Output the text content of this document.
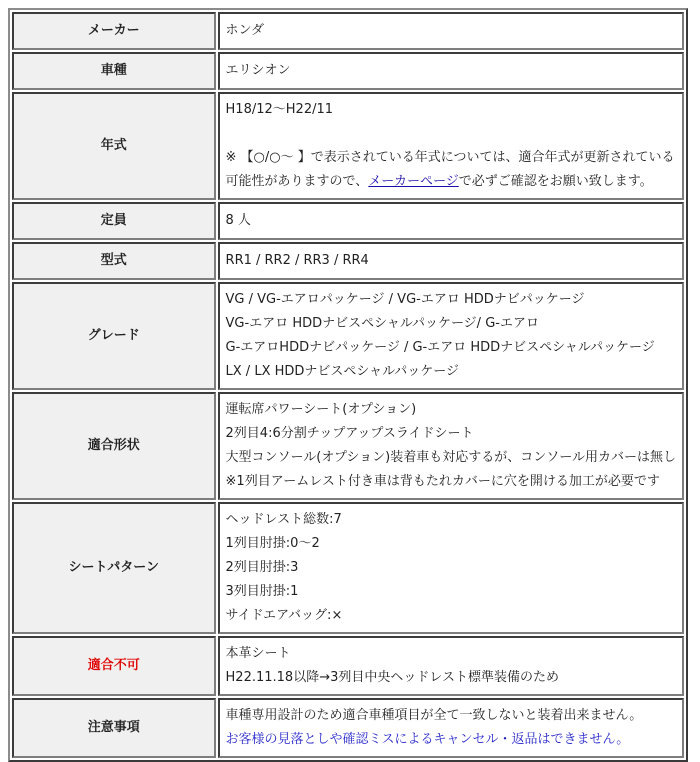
メーカー	ホンダ
車種	エリシオン
年式	H18/12～H22/11
※ 【○/○～ 】で表示されている年式については、適合年式が更新されている
可能性がありますので、メーカーページで必ずご確認をお願い致します。

定員	8 人
型式	RR1 / RR2 / RR3 / RR4
グレード	VG / VG-エアロパッケージ / VG-エアロ HDDナビパッケージ
VG-エアロ HDDナビスペシャルパッケージ/ G-エアロ
G-エアロHDDナビパッケージ / G-エアロ HDDナビスペシャルパッケージ
LX / LX HDDナビスペシャルパッケージ

適合形状	運転席パワーシート(オプション)
2列目4:6分割チップアップスライドシート
大型コンソール(オプション)装着車も対応するが、コンソール用カバーは無し
※1列目アームレスト付き車は背もたれカバーに穴を開ける加工が必要です

シートパターン	ヘッドレスト総数:7
1列目肘掛:0～2
2列目肘掛:3
3列目肘掛:1
サイドエアバッグ:×

適合不可	本革シート
H22.11.18以降→3列目中央ヘッドレスト標準装備のため

注意事項	車種専用設計のため適合車種項目が全て一致しないと装着出来ません。
お客様の見落としや確認ミスによるキャンセル・返品はできません。
